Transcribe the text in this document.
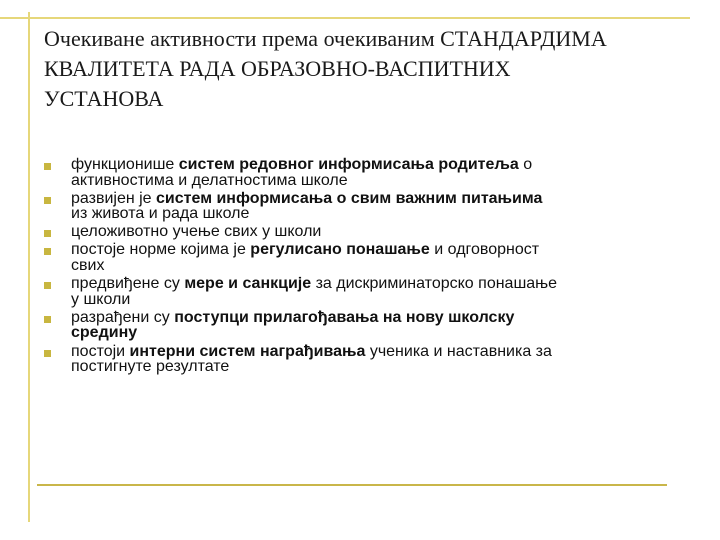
Очекиване активности према очекиваним СТАНДАРДИМА
КВАЛИТЕТА РАДА ОБРАЗОВНО-ВАСПИТНИХ
УСТАНОВА
функционише систем редовног информисања родитеља о
активностима и делатностима школе
развијен је систем информисања о свим важним питањима
из живота и рада школе
целоживотно учење свих у школи
постоје норме којима је регулисано понашање и одговорност
свих
предвиђене су мере и санкције за дискриминаторско понашање
у школи
разрађени су поступци прилагођавања на нову школску
средину
постоји интерни систем награђивања ученика и наставника за
постигнуте резултате
